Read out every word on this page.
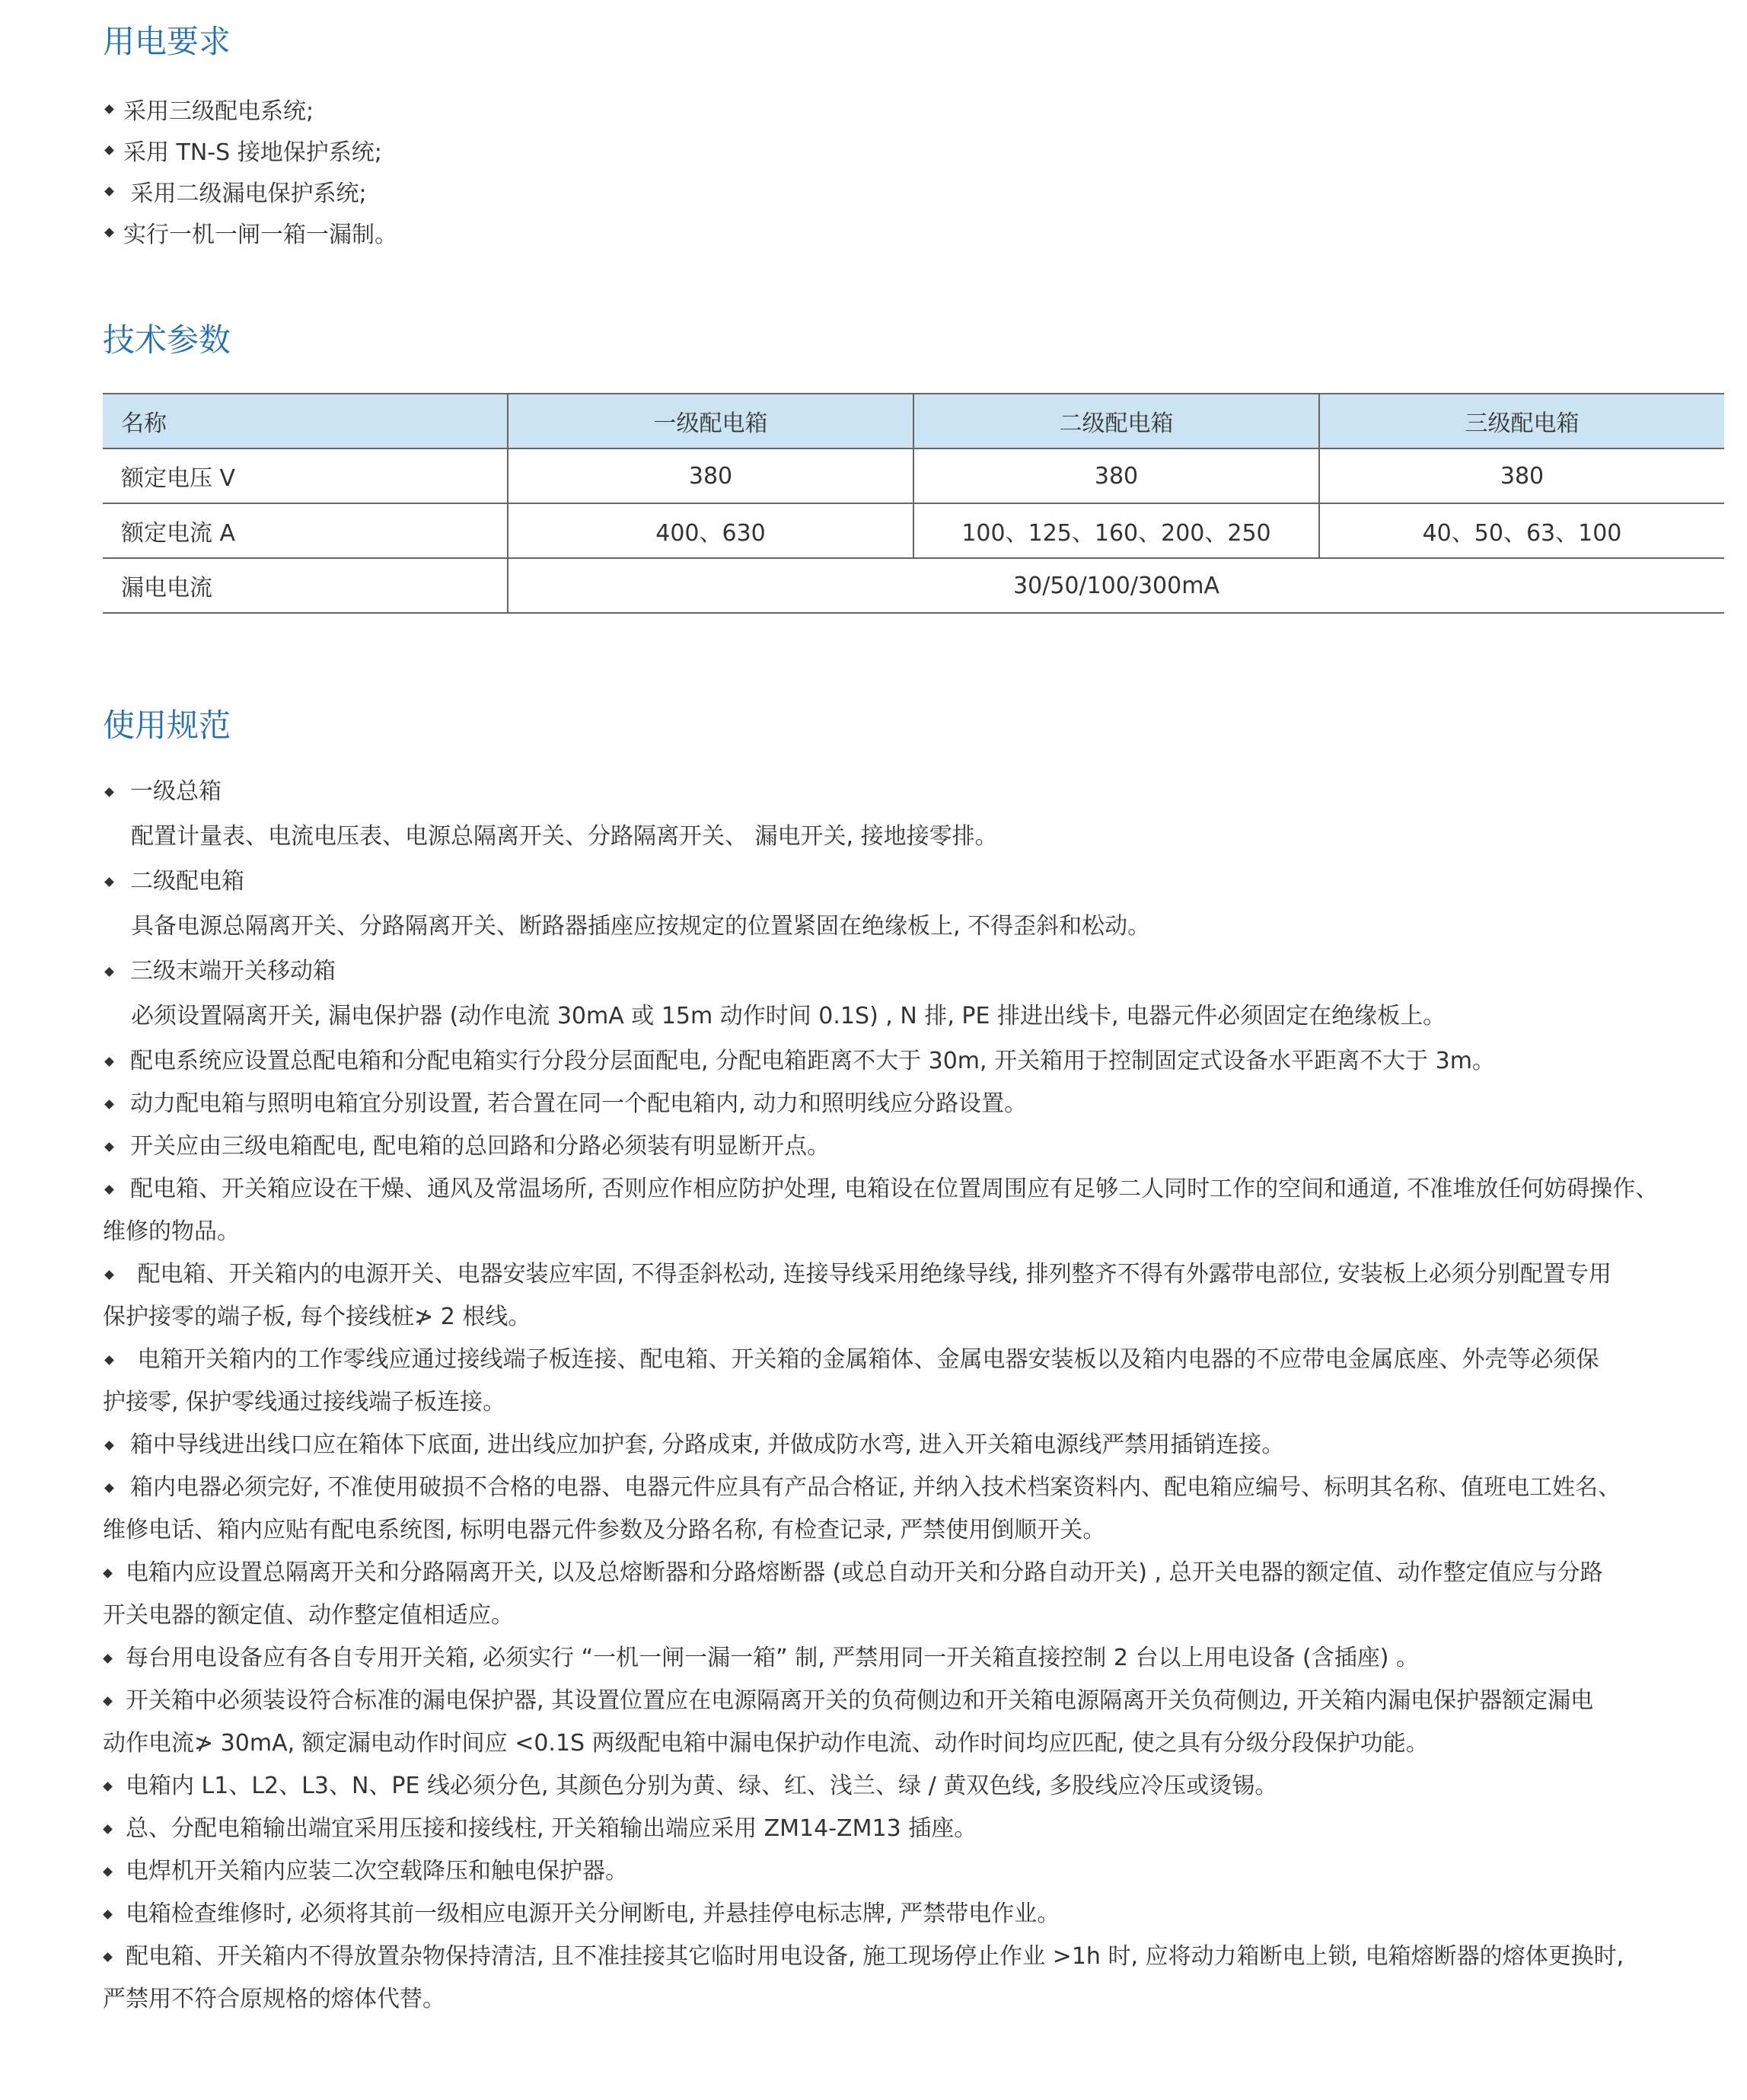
用电要求
采用三级配电系统;
采用 TN-S 接地保护系统;
采用二级漏电保护系统;
实行一机一闸一箱一漏制。
技术参数
名称	一级配电箱	二级配电箱	三级配电箱
额定电压 V	380	380	380
额定电流 A	400、630	100、125、160、200、250	40、50、63、100
漏电电流	30/50/100/300mA		
使用规范
一级总箱
配置计量表、电流电压表、电源总隔离开关、分路隔离开关、 漏电开关, 接地接零排。
二级配电箱
具备电源总隔离开关、分路隔离开关、断路器插座应按规定的位置紧固在绝缘板上, 不得歪斜和松动。
三级末端开关移动箱
必须设置隔离开关, 漏电保护器 (动作电流 30mA 或 15m 动作时间 0.1S) , N 排, PE 排进出线卡, 电器元件必须固定在绝缘板上。
配电系统应设置总配电箱和分配电箱实行分段分层面配电, 分配电箱距离不大于 30m, 开关箱用于控制固定式设备水平距离不大于 3m。
动力配电箱与照明电箱宜分别设置, 若合置在同一个配电箱内, 动力和照明线应分路设置。
开关应由三级电箱配电, 配电箱的总回路和分路必须装有明显断开点。
配电箱、开关箱应设在干燥、通风及常温场所, 否则应作相应防护处理, 电箱设在位置周围应有足够二人同时工作的空间和通道, 不准堆放任何妨碍操作、
维修的物品。
配电箱、开关箱内的电源开关、电器安装应牢固, 不得歪斜松动, 连接导线采用绝缘导线, 排列整齐不得有外露带电部位, 安装板上必须分别配置专用
保护接零的端子板, 每个接线桩≯ 2 根线。
电箱开关箱内的工作零线应通过接线端子板连接、配电箱、开关箱的金属箱体、金属电器安装板以及箱内电器的不应带电金属底座、外壳等必须保
护接零, 保护零线通过接线端子板连接。
箱中导线进出线口应在箱体下底面, 进出线应加护套, 分路成束, 并做成防水弯, 进入开关箱电源线严禁用插销连接。
箱内电器必须完好, 不准使用破损不合格的电器、电器元件应具有产品合格证, 并纳入技术档案资料内、配电箱应编号、标明其名称、值班电工姓名、
维修电话、箱内应贴有配电系统图, 标明电器元件参数及分路名称, 有检查记录, 严禁使用倒顺开关。
电箱内应设置总隔离开关和分路隔离开关, 以及总熔断器和分路熔断器 (或总自动开关和分路自动开关) , 总开关电器的额定值、动作整定值应与分路
开关电器的额定值、动作整定值相适应。
每台用电设备应有各自专用开关箱, 必须实行 “一机一闸一漏一箱” 制, 严禁用同一开关箱直接控制 2 台以上用电设备 (含插座) 。
开关箱中必须装设符合标准的漏电保护器, 其设置位置应在电源隔离开关的负荷侧边和开关箱电源隔离开关负荷侧边, 开关箱内漏电保护器额定漏电
动作电流≯ 30mA, 额定漏电动作时间应 <0.1S 两级配电箱中漏电保护动作电流、动作时间均应匹配, 使之具有分级分段保护功能。
电箱内 L1、L2、L3、N、PE 线必须分色, 其颜色分别为黄、绿、红、浅兰、绿 / 黄双色线, 多股线应冷压或烫锡。
总、分配电箱输出端宜采用压接和接线柱, 开关箱输出端应采用 ZM14-ZM13 插座。
电焊机开关箱内应装二次空载降压和触电保护器。
电箱检查维修时, 必须将其前一级相应电源开关分闸断电, 并悬挂停电标志牌, 严禁带电作业。
配电箱、开关箱内不得放置杂物保持清洁, 且不准挂接其它临时用电设备, 施工现场停止作业 >1h 时, 应将动力箱断电上锁, 电箱熔断器的熔体更换时,
严禁用不符合原规格的熔体代替。
